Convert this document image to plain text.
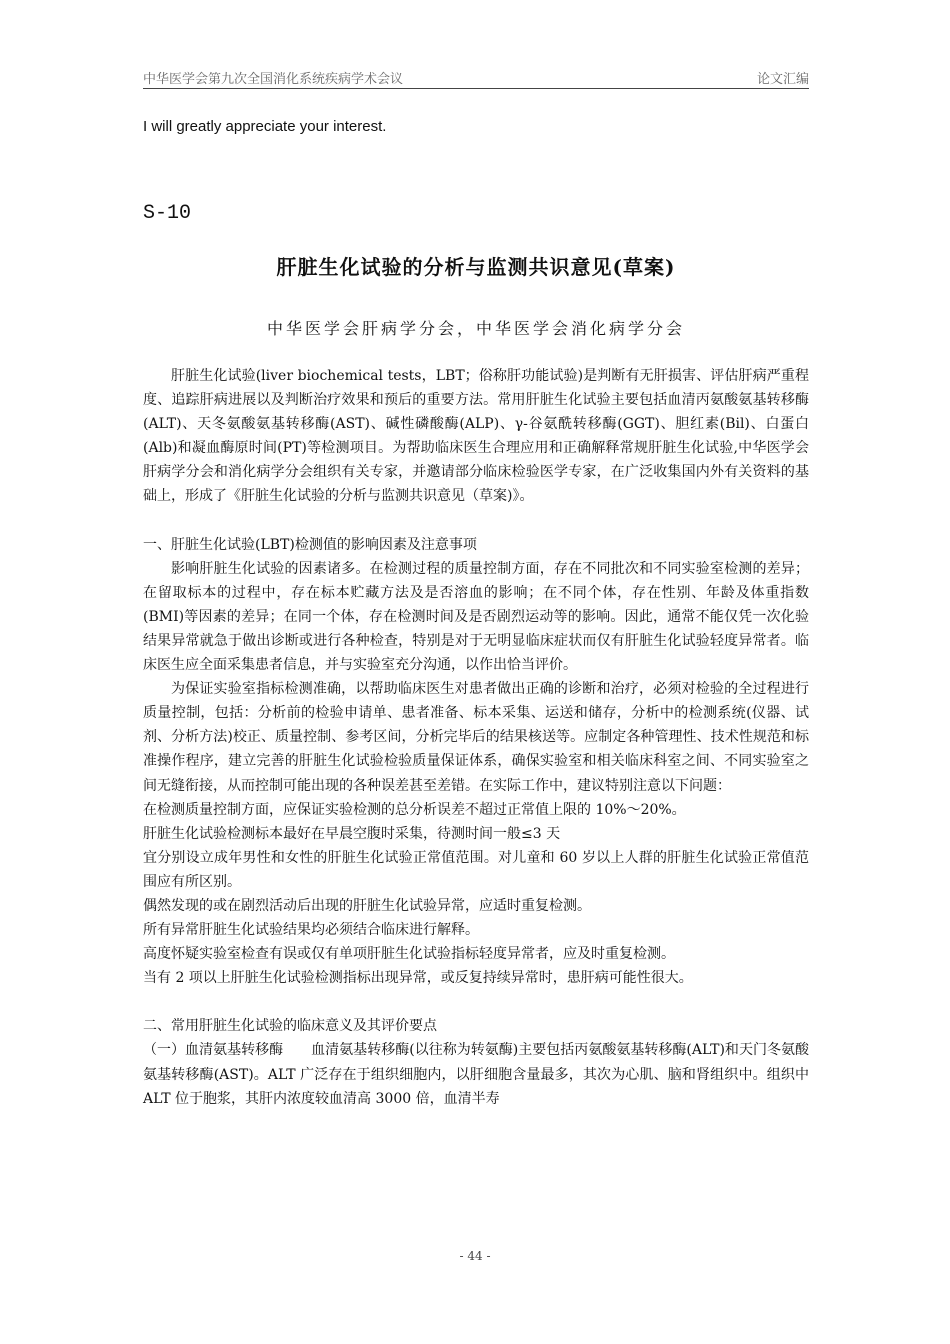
中华医学会第九次全国消化系统疾病学术会议	论文汇编
I will greatly appreciate your interest.
S-10
肝脏生化试验的分析与监测共识意见(草案)
中华医学会肝病学分会，中华医学会消化病学分会

肝脏生化试验(liver biochemical tests，LBT；俗称肝功能试验)是判断有无肝损害、评估肝病严重程度、追踪肝病进展以及判断治疗效果和预后的重要方法。常用肝脏生化试验主要包括血清丙氨酸氨基转移酶(ALT)、天冬氨酸氨基转移酶(AST)、碱性磷酸酶(ALP)、γ-谷氨酰转移酶(GGT)、胆红素(Bil)、白蛋白(Alb)和凝血酶原时间(PT)等检测项目。为帮助临床医生合理应用和正确解释常规肝脏生化试验,中华医学会肝病学分会和消化病学分会组织有关专家，并邀请部分临床检验医学专家，在广泛收集国内外有关资料的基础上，形成了《肝脏生化试验的分析与监测共识意见（草案)》。

一、肝脏生化试验(LBT)检测值的影响因素及注意事项

影响肝脏生化试验的因素诸多。在检测过程的质量控制方面，存在不同批次和不同实验室检测的差异；在留取标本的过程中，存在标本贮藏方法及是否溶血的影响；在不同个体，存在性别、年龄及体重指数(BMI)等因素的差异；在同一个体，存在检测时间及是否剧烈运动等的影响。因此，通常不能仅凭一次化验结果异常就急于做出诊断或进行各种检查，特别是对于无明显临床症状而仅有肝脏生化试验轻度异常者。临床医生应全面采集患者信息，并与实验室充分沟通，以作出恰当评价。

为保证实验室指标检测准确，以帮助临床医生对患者做出正确的诊断和治疗，必须对检验的全过程进行质量控制，包括：分析前的检验申请单、患者准备、标本采集、运送和储存，分析中的检测系统(仪器、试剂、分析方法)校正、质量控制、参考区间，分析完毕后的结果核送等。应制定各种管理性、技术性规范和标准操作程序，建立完善的肝脏生化试验检验质量保证体系，确保实验室和相关临床科室之间、不同实验室之间无缝衔接，从而控制可能出现的各种误差甚至差错。在实际工作中，建议特别注意以下问题：

在检测质量控制方面，应保证实验检测的总分析误差不超过正常值上限的 10%～20%。

肝脏生化试验检测标本最好在早晨空腹时采集，待测时间一般≤3 天

宜分别设立成年男性和女性的肝脏生化试验正常值范围。对儿童和 60 岁以上人群的肝脏生化试验正常值范围应有所区别。

偶然发现的或在剧烈活动后出现的肝脏生化试验异常，应适时重复检测。

所有异常肝脏生化试验结果均必须结合临床进行解释。

高度怀疑实验室检查有误或仅有单项肝脏生化试验指标轻度异常者，应及时重复检测。

当有 2 项以上肝脏生化试验检测指标出现异常，或反复持续异常时，患肝病可能性很大。

二、常用肝脏生化试验的临床意义及其评价要点

（一）血清氨基转移酶　　血清氨基转移酶(以往称为转氨酶)主要包括丙氨酸氨基转移酶(ALT)和天门冬氨酸氨基转移酶(AST)。ALT 广泛存在于组织细胞内，以肝细胞含量最多，其次为心肌、脑和肾组织中。组织中 ALT 位于胞浆，其肝内浓度较血清高 3000 倍，血清半寿

- 44 -
